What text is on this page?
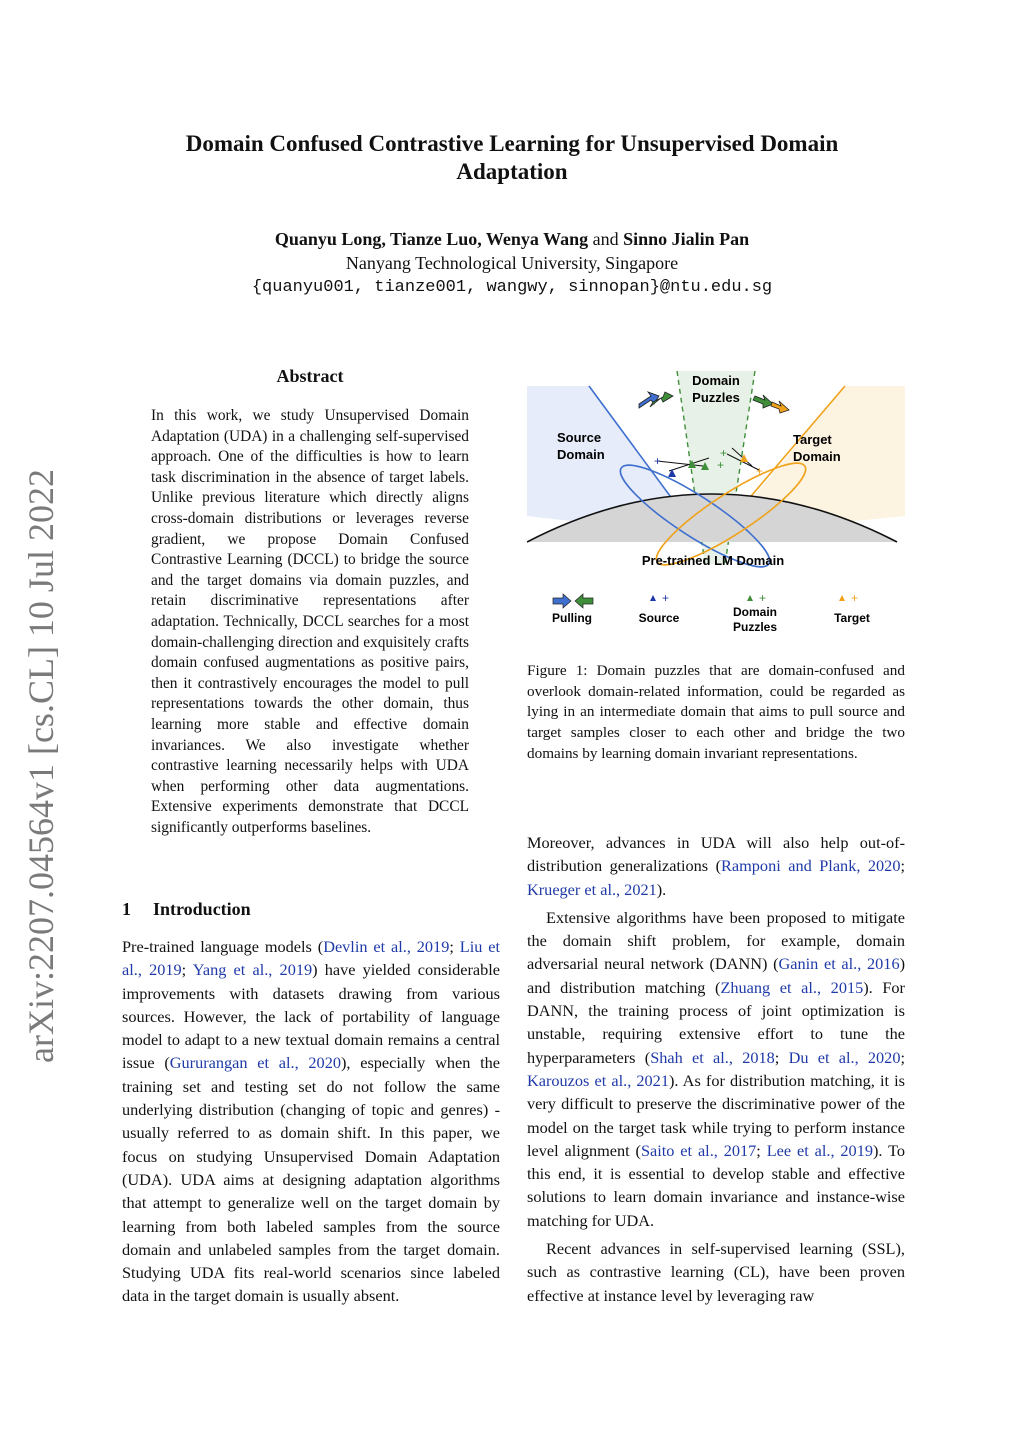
Domain Confused Contrastive Learning for Unsupervised Domain Adaptation
Quanyu Long, Tianze Luo, Wenya Wang and Sinno Jialin Pan
Nanyang Technological University, Singapore
{quanyu001, tianze001, wangwy, sinnopan}@ntu.edu.sg
arXiv:2207.04564v1 [cs.CL] 10 Jul 2022
Abstract
In this work, we study Unsupervised Domain Adaptation (UDA) in a challenging self-supervised approach. One of the difficulties is how to learn task discrimination in the absence of target labels. Unlike previous literature which directly aligns cross-domain distributions or leverages reverse gradient, we propose Domain Confused Contrastive Learning (DCCL) to bridge the source and the target domains via domain puzzles, and retain discriminative representations after adaptation. Technically, DCCL searches for a most domain-challenging direction and exquisitely crafts domain confused augmentations as positive pairs, then it contrastively encourages the model to pull representations towards the other domain, thus learning more stable and effective domain invariances. We also investigate whether contrastive learning necessarily helps with UDA when performing other data augmentations. Extensive experiments demonstrate that DCCL significantly outperforms baselines.
1 Introduction
Pre-trained language models (Devlin et al., 2019; Liu et al., 2019; Yang et al., 2019) have yielded considerable improvements with datasets drawing from various sources. However, the lack of portability of language model to adapt to a new textual domain remains a central issue (Gururangan et al., 2020), especially when the training set and testing set do not follow the same underlying distribution (changing of topic and genres) - usually referred to as domain shift. In this paper, we focus on studying Unsupervised Domain Adaptation (UDA). UDA aims at designing adaptation algorithms that attempt to generalize well on the target domain by learning from both labeled samples from the source domain and unlabeled samples from the target domain. Studying UDA fits real-world scenarios since labeled data in the target domain is usually absent.
+	+
+
+
Domain
Puzzles
Source
Domain
Target
Domain
Pre-trained LM Domain
Pulling
+
Source
+
Domain
Puzzles
+
Target
Figure 1: Domain puzzles that are domain-confused and overlook domain-related information, could be regarded as lying in an intermediate domain that aims to pull source and target samples closer to each other and bridge the two domains by learning domain invariant representations.

Moreover, advances in UDA will also help out-of-distribution generalizations (Ramponi and Plank, 2020; Krueger et al., 2021).

Extensive algorithms have been proposed to mitigate the domain shift problem, for example, domain adversarial neural network (DANN) (Ganin et al., 2016) and distribution matching (Zhuang et al., 2015). For DANN, the training process of joint optimization is unstable, requiring extensive effort to tune the hyperparameters (Shah et al., 2018; Du et al., 2020; Karouzos et al., 2021). As for distribution matching, it is very difficult to preserve the discriminative power of the model on the target task while trying to perform instance level alignment (Saito et al., 2017; Lee et al., 2019). To this end, it is essential to develop stable and effective solutions to learn domain invariance and instance-wise matching for UDA.

Recent advances in self-supervised learning (SSL), such as contrastive learning (CL), have been proven effective at instance level by leveraging raw
